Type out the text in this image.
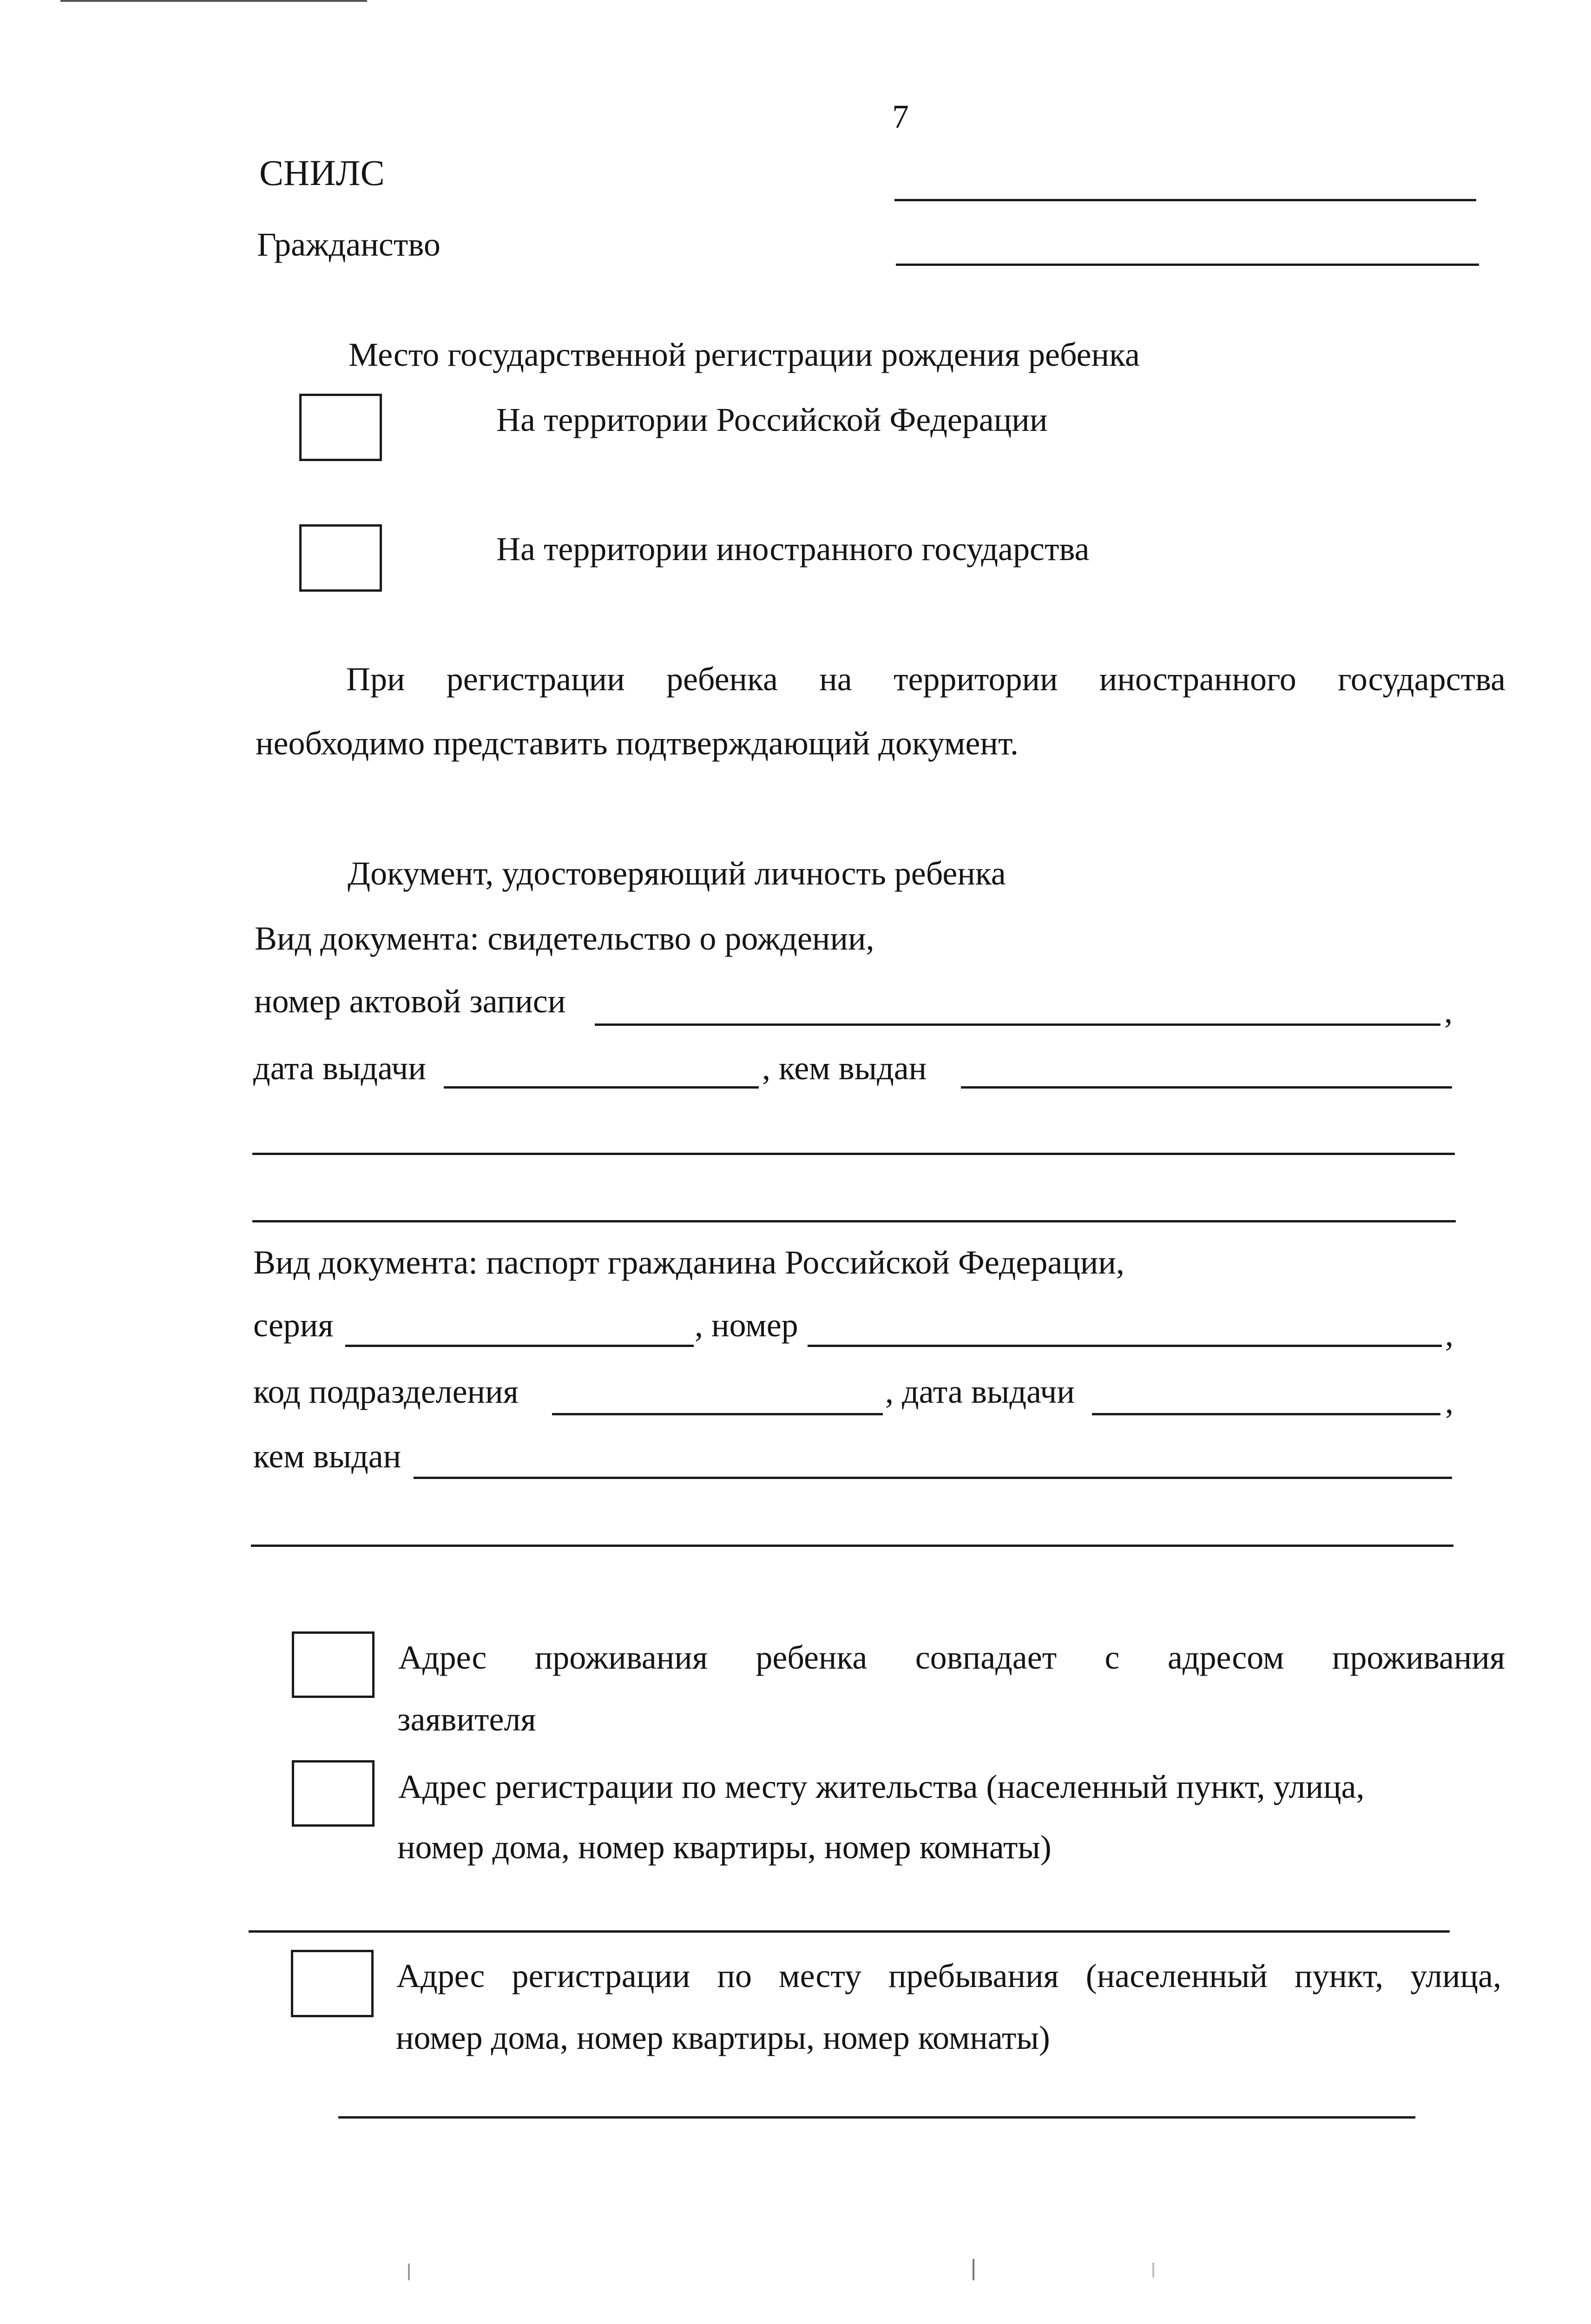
7
СНИЛС
Гражданство
Место государственной регистрации рождения ребенка
На территории Российской Федерации
На территории иностранного государства
При регистрации ребенка на территории иностранного государства
необходимо представить подтверждающий документ.
Документ, удостоверяющий личность ребенка
Вид документа: свидетельство о рождении,
номер актовой записи	,
дата выдачи	, кем выдан
Вид документа: паспорт гражданина Российской Федерации,
серия	, номер	,
код подразделения	, дата выдачи	,
кем выдан
Адрес проживания ребенка совпадает с адресом проживания
заявителя
Адрес регистрации по месту жительства (населенный пункт, улица,
номер дома, номер квартиры, номер комнаты)
Адрес регистрации по месту пребывания (населенный пункт, улица,
номер дома, номер квартиры, номер комнаты)
